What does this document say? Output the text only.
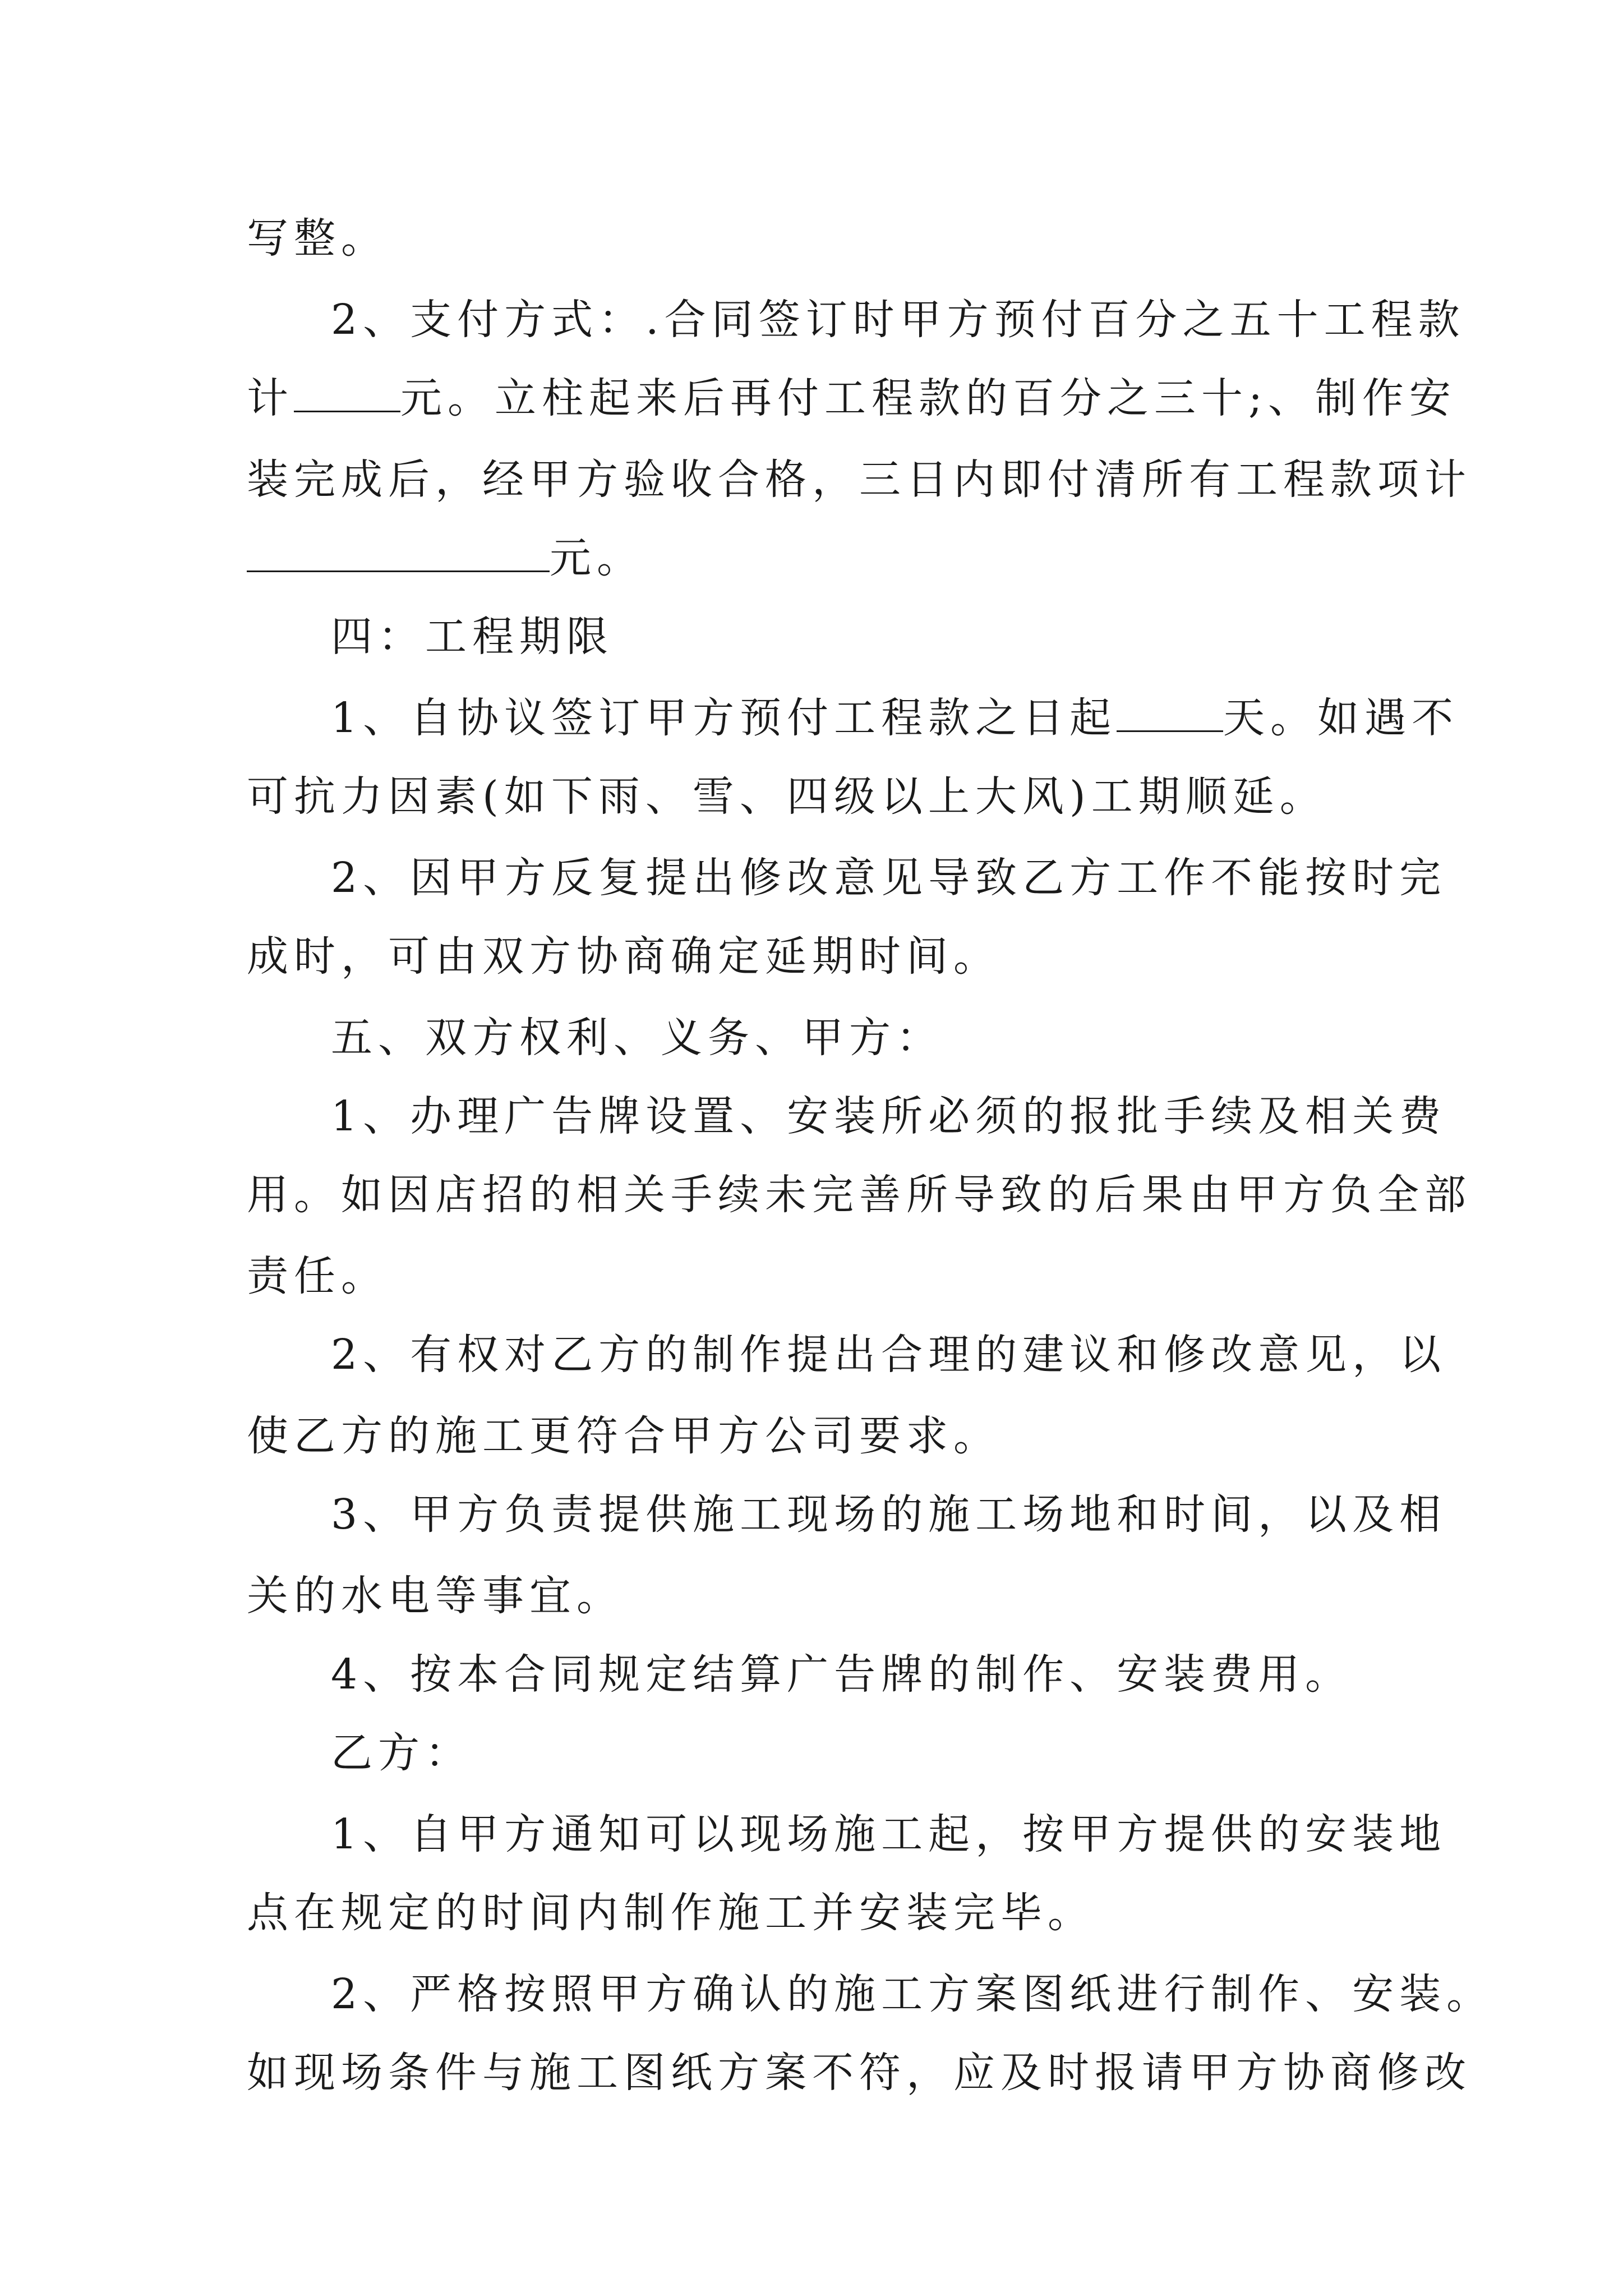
写整。

2、支付方式：.合同签订时甲方预付百分之五十工程款

计	元。立柱起来后再付工程款的百分之三十;、制作安

装完成后，经甲方验收合格，三日内即付清所有工程款项计

元。

四：工程期限

1、自协议签订甲方预付工程款之日起	天。如遇不

可抗力因素(如下雨、雪、四级以上大风)工期顺延。

2、因甲方反复提出修改意见导致乙方工作不能按时完

成时，可由双方协商确定延期时间。

五、双方权利、义务、甲方：

1、办理广告牌设置、安装所必须的报批手续及相关费

用。如因店招的相关手续未完善所导致的后果由甲方负全部

责任。

2、有权对乙方的制作提出合理的建议和修改意见，以

使乙方的施工更符合甲方公司要求。

3、甲方负责提供施工现场的施工场地和时间，以及相

关的水电等事宜。

4、按本合同规定结算广告牌的制作、安装费用。

乙方：

1、自甲方通知可以现场施工起，按甲方提供的安装地

点在规定的时间内制作施工并安装完毕。

2、严格按照甲方确认的施工方案图纸进行制作、安装。

如现场条件与施工图纸方案不符，应及时报请甲方协商修改
